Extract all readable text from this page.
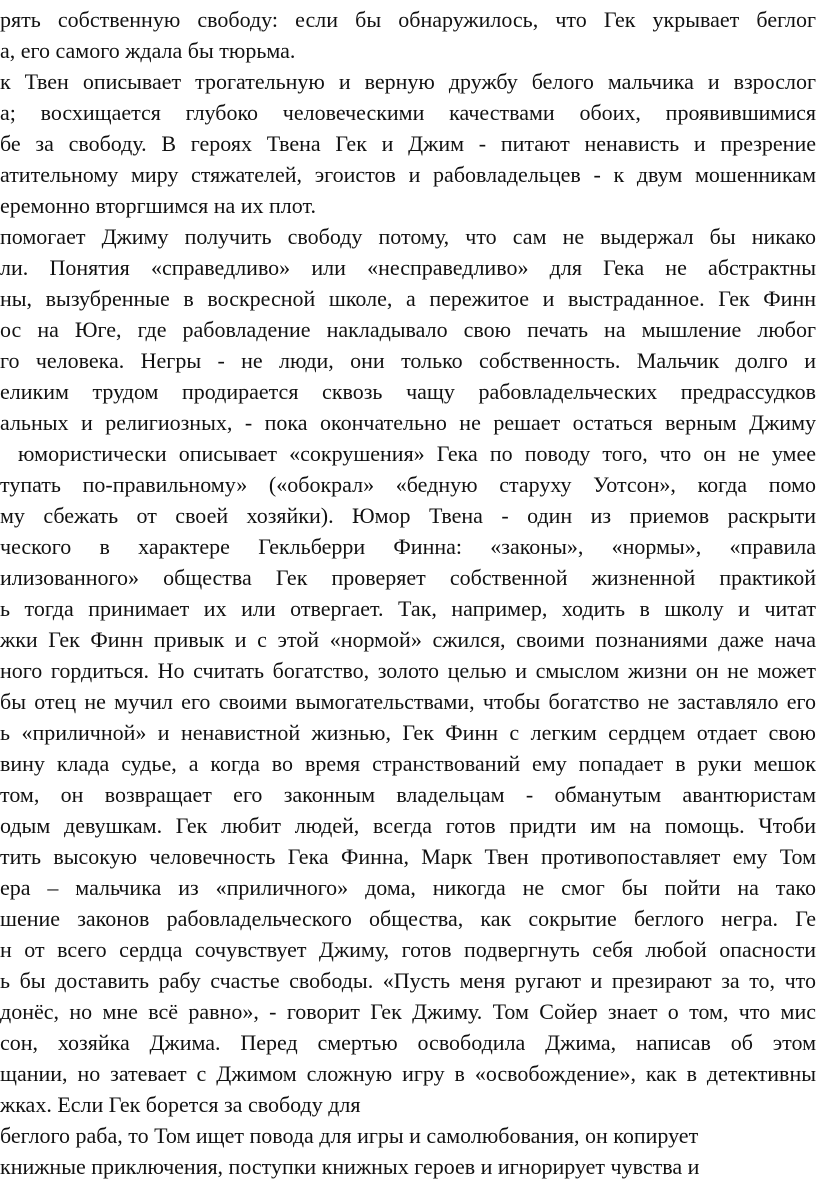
рять собственную свободу: если бы обнаружилось, что Гек укрывает беглог
а, его самого ждала бы тюрьма.
к Твен описывает трогательную и верную дружбу белого мальчика и взрослог
а; восхищается глубоко человеческими качествами обоих, проявившимися
бе за свободу. В героях Твена Гек и Джим - питают ненависть и презрение
атительному миру стяжателей, эгоистов и рабовладельцев - к двум мошенникам
еремонно вторгшимся на их плот.
помогает Джиму получить свободу потому, что сам не выдержал бы никако
ли. Понятия «справедливо» или «несправедливо» для Гека не абстрактны
ны, вызубренные в воскресной школе, а пережитое и выстраданное. Гек Финн
ос на Юге, где рабовладение накладывало свою печать на мышление любог
го человека. Негры - не люди, они только собственность. Мальчик долго и
еликим трудом продирается сквозь чащу рабовладельческих предрассудков
альных и религиозных, - пока окончательно не решает остаться верным Джиму
юмористически описывает «сокрушения» Гека по поводу того, что он не умее
тупать по-правильному» («обокрал» «бедную старуху Уотсон», когда помо
му сбежать от своей хозяйки). Юмор Твена - один из приемов раскрыти
ческого в характере Гекльберри Финна: «законы», «нормы», «правила
илизованного» общества Гек проверяет собственной жизненной практикой
ь тогда принимает их или отвергает. Так, например, ходить в школу и читат
жки Гек Финн привык и с этой «нормой» сжился, своими познаниями даже нача
ного гордиться. Но считать богатство, золото целью и смыслом жизни он не может
бы отец не мучил его своими вымогательствами, чтобы богатство не заставляло его
ь «приличной» и ненавистной жизнью, Гек Финн с легким сердцем отдает свою
вину клада судье, а когда во время странствований ему попадает в руки мешок
том, он возвращает его законным владельцам - обманутым авантюристам
одым девушкам. Гек любит людей, всегда готов придти им на помощь. Чтоби
тить высокую человечность Гека Финна, Марк Твен противопоставляет ему Том
ера – мальчика из «приличного» дома, никогда не смог бы пойти на тако
шение законов рабовладельческого общества, как сокрытие беглого негра. Ге
н от всего сердца сочувствует Джиму, готов подвергнуть себя любой опасности
ь бы доставить рабу счастье свободы. «Пусть меня ругают и презирают за то, что
донёс, но мне всё равно», - говорит Гек Джиму. Том Сойер знает о том, что мис
сон, хозяйка Джима. Перед смертью освободила Джима, написав об этом
щании, но затевает с Джимом сложную игру в «освобождение», как в детективны
жках. Если Гек борется за свободу для
беглого раба, то Том ищет повода для игры и самолюбования, он копирует
книжные приключения, поступки книжных героев и игнорирует чувства и
